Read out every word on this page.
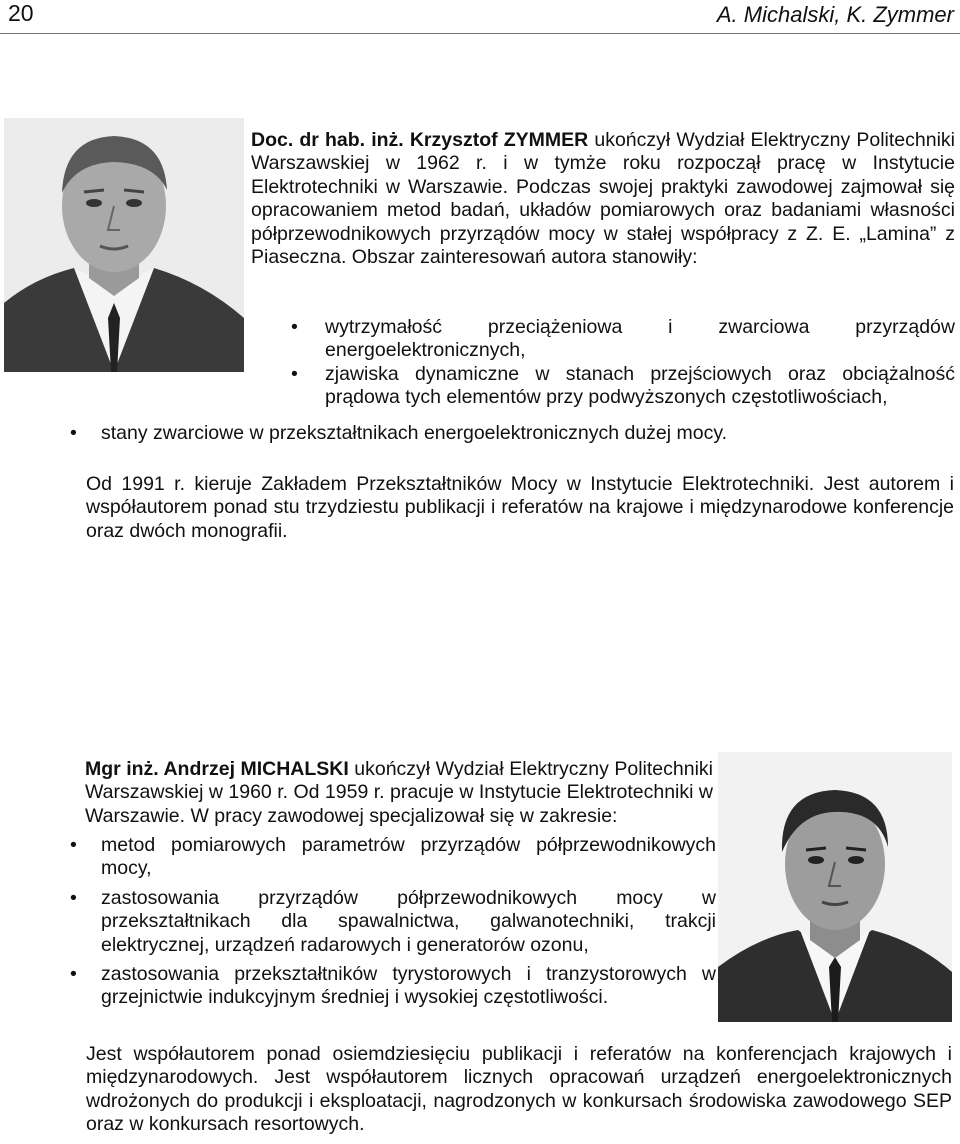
20	A. Michalski, K. Zymmer

Doc. dr hab. inż. Krzysztof ZYMMER ukończył Wydział Elektryczny Politechniki Warszawskiej w 1962 r. i w tymże roku rozpoczął pracę w Instytucie Elektrotechniki w Warszawie. Podczas swojej praktyki zawodowej zajmował się opracowaniem metod badań, układów pomiarowych oraz badaniami własności półprzewodnikowych przyrządów mocy w stałej współpracy z Z. E. „Lamina” z Piaseczna. Obszar zainteresowań autora stanowiły:

• wytrzymałość przeciążeniowa i zwarciowa przyrządów energoelektronicznych,
• zjawiska dynamiczne w stanach przejściowych oraz obciążalność prądowa tych elementów przy podwyższonych częstotliwościach,
• stany zwarciowe w przekształtnikach energoelektronicznych dużej mocy.

Od 1991 r. kieruje Zakładem Przekształtników Mocy w Instytucie Elektrotechniki. Jest autorem i współautorem ponad stu trzydziestu publikacji i referatów na krajowe i międzynarodowe konferencje oraz dwóch monografii.

Mgr inż. Andrzej MICHALSKI ukończył Wydział Elektryczny Politechniki Warszawskiej w 1960 r. Od 1959 r. pracuje w Instytucie Elektrotechniki w Warszawie. W pracy zawodowej specjalizował się w zakresie:

• metod pomiarowych parametrów przyrządów półprzewodnikowych mocy,
• zastosowania przyrządów półprzewodnikowych mocy w przekształtnikach dla spawalnictwa, galwanotechniki, trakcji elektrycznej, urządzeń radarowych i generatorów ozonu,
• zastosowania przekształtników tyrystorowych i tranzystorowych w grzejnictwie indukcyjnym średniej i wysokiej częstotliwości.

Jest współautorem ponad osiemdziesięciu publikacji i referatów na konferencjach krajowych i międzynarodowych. Jest współautorem licznych opracowań urządzeń energoelektronicznych wdrożonych do produkcji i eksploatacji, nagrodzonych w konkursach środowiska zawodowego SEP oraz w konkursach resortowych.
